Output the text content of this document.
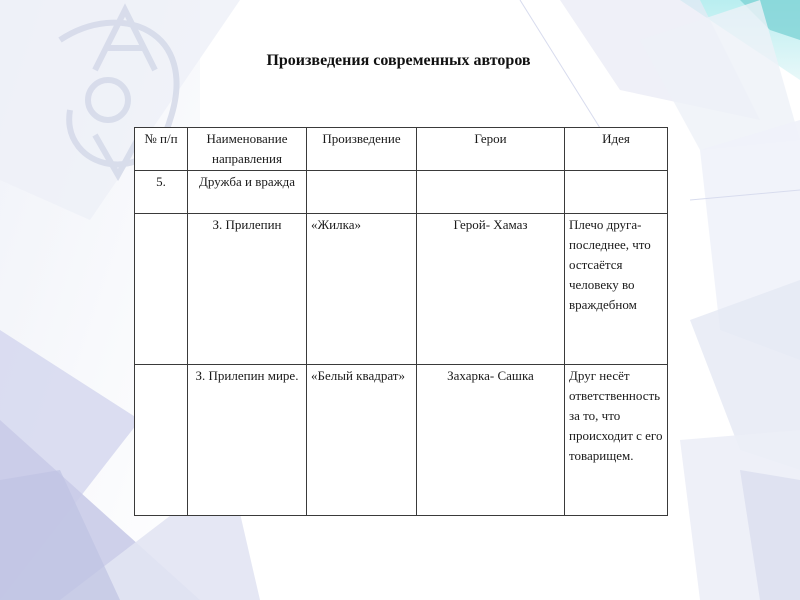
Произведения современных авторов
№ п/п	Наименование направления	Произведение	Герои	Идея
5.	Дружба и вражда			
	З. Прилепин	«Жилка»	Герой- Хамаз	Плечо друга- последнее, что остсаётся человеку во враждебном
	З. Прилепин мире.	«Белый квадрат»	Захарка- Сашка	Друг несёт ответственность за то, что происходит с его товарищем.
